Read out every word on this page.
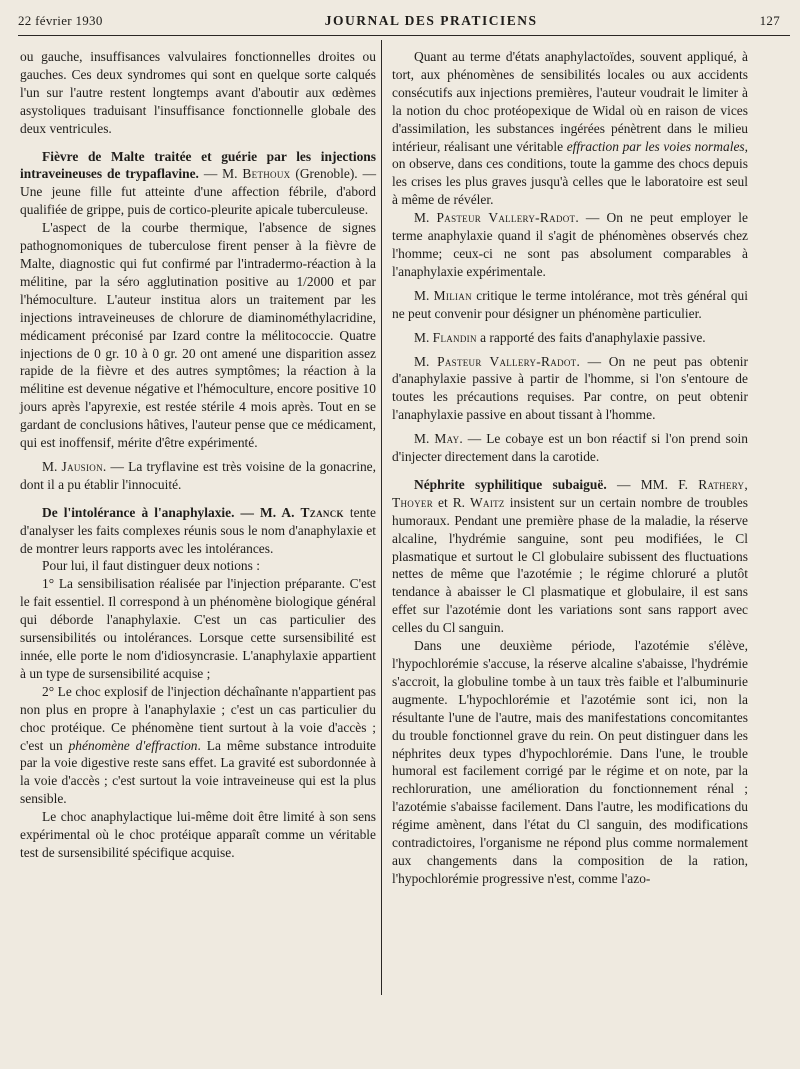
22 février 1930	JOURNAL DES PRATICIENS	127

ou gauche, insuffisances valvulaires fonctionnelles droites ou gauches. Ces deux syndromes qui sont en quelque sorte calqués l'un sur l'autre restent longtemps avant d'aboutir aux œdèmes asystoliques traduisant l'insuffisance fonctionnelle globale des deux ventricules.

Fièvre de Malte traitée et guérie par les injections intraveineuses de trypaflavine. — M. Bethoux (Grenoble). — Une jeune fille fut atteinte d'une affection fébrile, d'abord qualifiée de grippe, puis de cortico-pleurite apicale tuberculeuse.

L'aspect de la courbe thermique, l'absence de signes pathognomoniques de tuberculose firent penser à la fièvre de Malte, diagnostic qui fut confirmé par l'intradermo-réaction à la mélitine, par la séro agglutination positive au 1/2000 et par l'hémoculture. L'auteur institua alors un traitement par les injections intraveineuses de chlorure de diaminométhylacridine, médicament préconisé par Izard contre la mélitococcie. Quatre injections de 0 gr. 10 à 0 gr. 20 ont amené une disparition assez rapide de la fièvre et des autres symptômes; la réaction à la mélitine est devenue négative et l'hémoculture, encore positive 10 jours après l'apyrexie, est restée stérile 4 mois après. Tout en se gardant de conclusions hâtives, l'auteur pense que ce médicament, qui est inoffensif, mérite d'être expérimenté.

M. Jausion. — La tryflavine est très voisine de la gonacrine, dont il a pu établir l'innocuité.

De l'intolérance à l'anaphylaxie. — M. A. Tzanck tente d'analyser les faits complexes réunis sous le nom d'anaphylaxie et de montrer leurs rapports avec les intolérances.

Pour lui, il faut distinguer deux notions :

1° La sensibilisation réalisée par l'injection préparante. C'est le fait essentiel. Il correspond à un phénomène biologique général qui déborde l'anaphylaxie. C'est un cas particulier des sursensibilités ou intolérances. Lorsque cette sursensibilité est innée, elle porte le nom d'idiosyncrasie. L'anaphylaxie appartient à un type de sursensibilité acquise ;

2° Le choc explosif de l'injection déchaînante n'appartient pas non plus en propre à l'anaphylaxie ; c'est un cas particulier du choc protéique. Ce phénomène tient surtout à la voie d'accès ; c'est un phénomène d'effraction. La même substance introduite par la voie digestive reste sans effet. La gravité est subordonnée à la voie d'accès ; c'est surtout la voie intraveineuse qui est la plus sensible.

Le choc anaphylactique lui-même doit être limité à son sens expérimental où le choc protéique apparaît comme un véritable test de sursensibilité spécifique acquise.

Quant au terme d'états anaphylactoïdes, souvent appliqué, à tort, aux phénomènes de sensibilités locales ou aux accidents consécutifs aux injections premières, l'auteur voudrait le limiter à la notion du choc protéopexique de Widal où en raison de vices d'assimilation, les substances ingérées pénètrent dans le milieu intérieur, réalisant une véritable effraction par les voies normales, on observe, dans ces conditions, toute la gamme des chocs depuis les crises les plus graves jusqu'à celles que le laboratoire est seul à même de révéler.

M. Pasteur Vallery-Radot. — On ne peut employer le terme anaphylaxie quand il s'agit de phénomènes observés chez l'homme; ceux-ci ne sont pas absolument comparables à l'anaphylaxie expérimentale.

M. Milian critique le terme intolérance, mot très général qui ne peut convenir pour désigner un phénomène particulier.

M. Flandin a rapporté des faits d'anaphylaxie passive.

M. Pasteur Vallery-Radot. — On ne peut pas obtenir d'anaphylaxie passive à partir de l'homme, si l'on s'entoure de toutes les précautions requises. Par contre, on peut obtenir l'anaphylaxie passive en about tissant à l'homme.

M. May. — Le cobaye est un bon réactif si l'on prend soin d'injecter directement dans la carotide.

Néphrite syphilitique subaiguë. — MM. F. Rathery, Thoyer et R. Waitz insistent sur un certain nombre de troubles humoraux. Pendant une première phase de la maladie, la réserve alcaline, l'hydrémie sanguine, sont peu modifiées, le Cl plasmatique et surtout le Cl globulaire subissent des fluctuations nettes de même que l'azotémie ; le régime chloruré a plutôt tendance à abaisser le Cl plasmatique et globulaire, il est sans effet sur l'azotémie dont les variations sont sans rapport avec celles du Cl sanguin.

Dans une deuxième période, l'azotémie s'élève, l'hypochlorémie s'accuse, la réserve alcaline s'abaisse, l'hydrémie s'accroit, la globuline tombe à un taux très faible et l'albuminurie augmente. L'hypochlorémie et l'azotémie sont ici, non la résultante l'une de l'autre, mais des manifestations concomitantes du trouble fonctionnel grave du rein. On peut distinguer dans les néphrites deux types d'hypochlorémie. Dans l'une, le trouble humoral est facilement corrigé par le régime et on note, par la rechloruration, une amélioration du fonctionnement rénal ; l'azotémie s'abaisse facilement. Dans l'autre, les modifications du régime amènent, dans l'état du Cl sanguin, des modifications contradictoires, l'organisme ne répond plus comme normalement aux changements dans la composition de la ration, l'hypochlorémie progressive n'est, comme l'azo-
